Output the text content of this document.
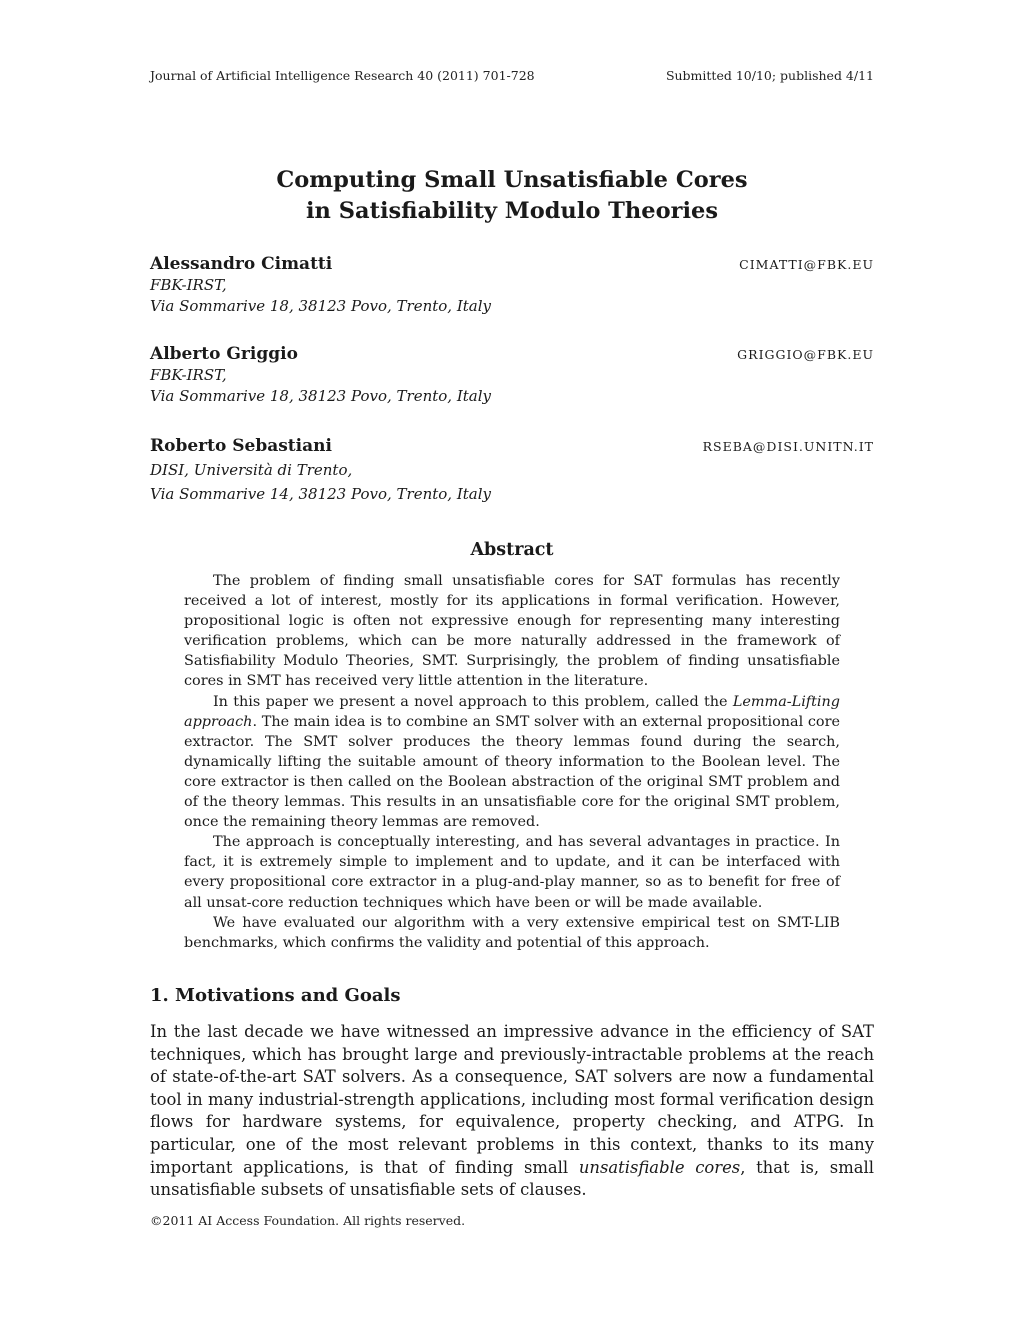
Journal of Artificial Intelligence Research 40 (2011) 701-728	Submitted 10/10; published 4/11
Computing Small Unsatisfiable Cores
in Satisfiability Modulo Theories
Alessandro Cimatti	CIMATTI@FBK.EU
FBK-IRST,
Via Sommarive 18, 38123 Povo, Trento, Italy
Alberto Griggio	GRIGGIO@FBK.EU
FBK-IRST,
Via Sommarive 18, 38123 Povo, Trento, Italy
Roberto Sebastiani	RSEBA@DISI.UNITN.IT
DISI, Università di Trento,
Via Sommarive 14, 38123 Povo, Trento, Italy
Abstract

The problem of finding small unsatisfiable cores for SAT formulas has recently received a lot of interest, mostly for its applications in formal verification. However, propositional logic is often not expressive enough for representing many interesting verification problems, which can be more naturally addressed in the framework of Satisfiability Modulo Theories, SMT. Surprisingly, the problem of finding unsatisfiable cores in SMT has received very little attention in the literature.

In this paper we present a novel approach to this problem, called the Lemma-Lifting approach. The main idea is to combine an SMT solver with an external propositional core extractor. The SMT solver produces the theory lemmas found during the search, dynamically lifting the suitable amount of theory information to the Boolean level. The core extractor is then called on the Boolean abstraction of the original SMT problem and of the theory lemmas. This results in an unsatisfiable core for the original SMT problem, once the remaining theory lemmas are removed.

The approach is conceptually interesting, and has several advantages in practice. In fact, it is extremely simple to implement and to update, and it can be interfaced with every propositional core extractor in a plug-and-play manner, so as to benefit for free of all unsat-core reduction techniques which have been or will be made available.

We have evaluated our algorithm with a very extensive empirical test on SMT-LIB benchmarks, which confirms the validity and potential of this approach.

1. Motivations and Goals

In the last decade we have witnessed an impressive advance in the efficiency of SAT techniques, which has brought large and previously-intractable problems at the reach of state-of-the-art SAT solvers. As a consequence, SAT solvers are now a fundamental tool in many industrial-strength applications, including most formal verification design flows for hardware systems, for equivalence, property checking, and ATPG. In particular, one of the most relevant problems in this context, thanks to its many important applications, is that of finding small unsatisfiable cores, that is, small unsatisfiable subsets of unsatisfiable sets of clauses.

©2011 AI Access Foundation. All rights reserved.
